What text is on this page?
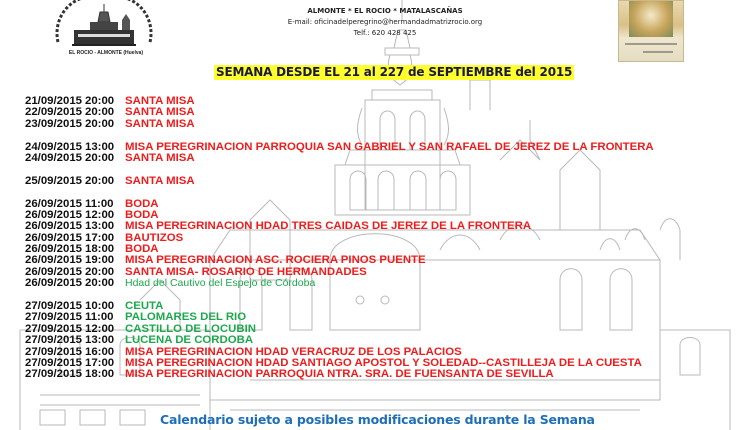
EL ROCIO - ALMONTE (Huelva)
ALMONTE * EL ROCIO * MATALASCAÑAS
E-mail: oficinadelperegrino@hermandadmatrizrocio.org
Telf.: 620 428 425
SEMANA DESDE EL 21 al 227 de SEPTIEMBRE del 2015
21/09/2015 20:00 SANTA MISA
22/09/2015 20:00 SANTA MISA
23/09/2015 20:00 SANTA MISA
24/09/2015 13:00 MISA PEREGRINACION PARROQUIA SAN GABRIEL Y SAN RAFAEL DE JEREZ DE LA FRONTERA
24/09/2015 20:00 SANTA MISA
25/09/2015 20:00 SANTA MISA
26/09/2015 11:00	BODA
26/09/2015 12:00 BODA
26/09/2015 13:00 MISA PEREGRINACION HDAD TRES CAIDAS DE JEREZ DE LA FRONTERA
26/09/2015 17:00 BAUTIZOS
26/09/2015 18:00 BODA
26/09/2015 19:00 MISA PEREGRINACION ASC. ROCIERA PINOS PUENTE
26/09/2015 20:00 SANTA MISA- ROSARIO DE HERMANDADES
26/09/2015 20:00	Hdad del Cautivo del Espejo de Córdoba
27/09/2015 10:00 CEUTA
27/09/2015 11:00	PALOMARES DEL RIO
27/09/2015 12:00 CASTILLO DE LOCUBIN
27/09/2015 13:00 LUCENA DE CORDOBA
27/09/2015 16:00 MISA PEREGRINACION HDAD VERACRUZ DE LOS PALACIOS
27/09/2015 17:00 MISA PEREGRINACION HDAD SANTIAGO APOSTOL Y SOLEDAD--CASTILLEJA DE LA CUESTA
27/09/2015 18:00 MISA PEREGRINACION PARROQUIA NTRA. SRA. DE FUENSANTA DE SEVILLA
Calendario sujeto a posibles modificaciones durante la Semana
